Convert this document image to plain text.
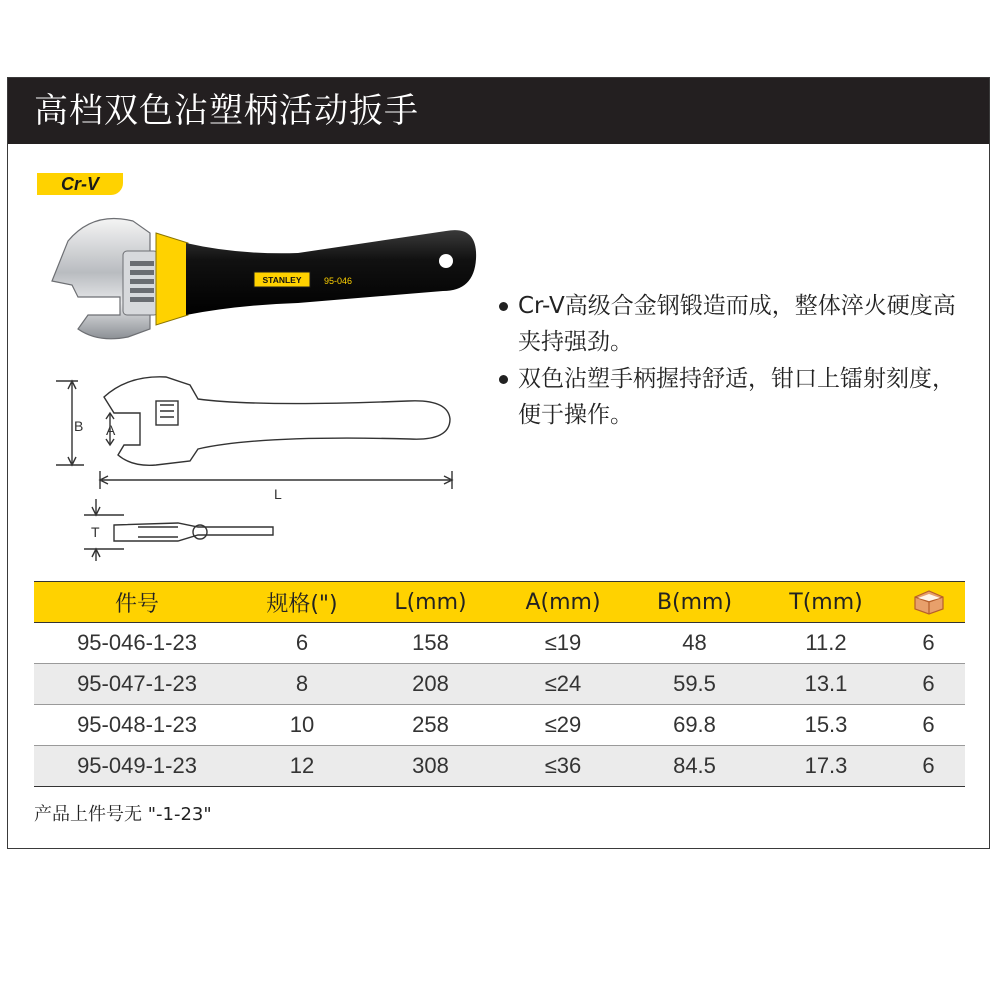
高档双色沾塑柄活动扳手
Cr-V
STANLEY 95-046
B A
L
T
Cr-V高级合金钢锻造而成，整体淬火硬度高夹持强劲。
双色沾塑手柄握持舒适，钳口上镭射刻度，便于操作。
件号	规格(")	L(mm)	A(mm)	B(mm)	T(mm)	
95-046-1-23	6	158	≤19	48	11.2	6
95-047-1-23	8	208	≤24	59.5	13.1	6
95-048-1-23	10	258	≤29	69.8	15.3	6
95-049-1-23	12	308	≤36	84.5	17.3	6
产品上件号无 "-1-23"
